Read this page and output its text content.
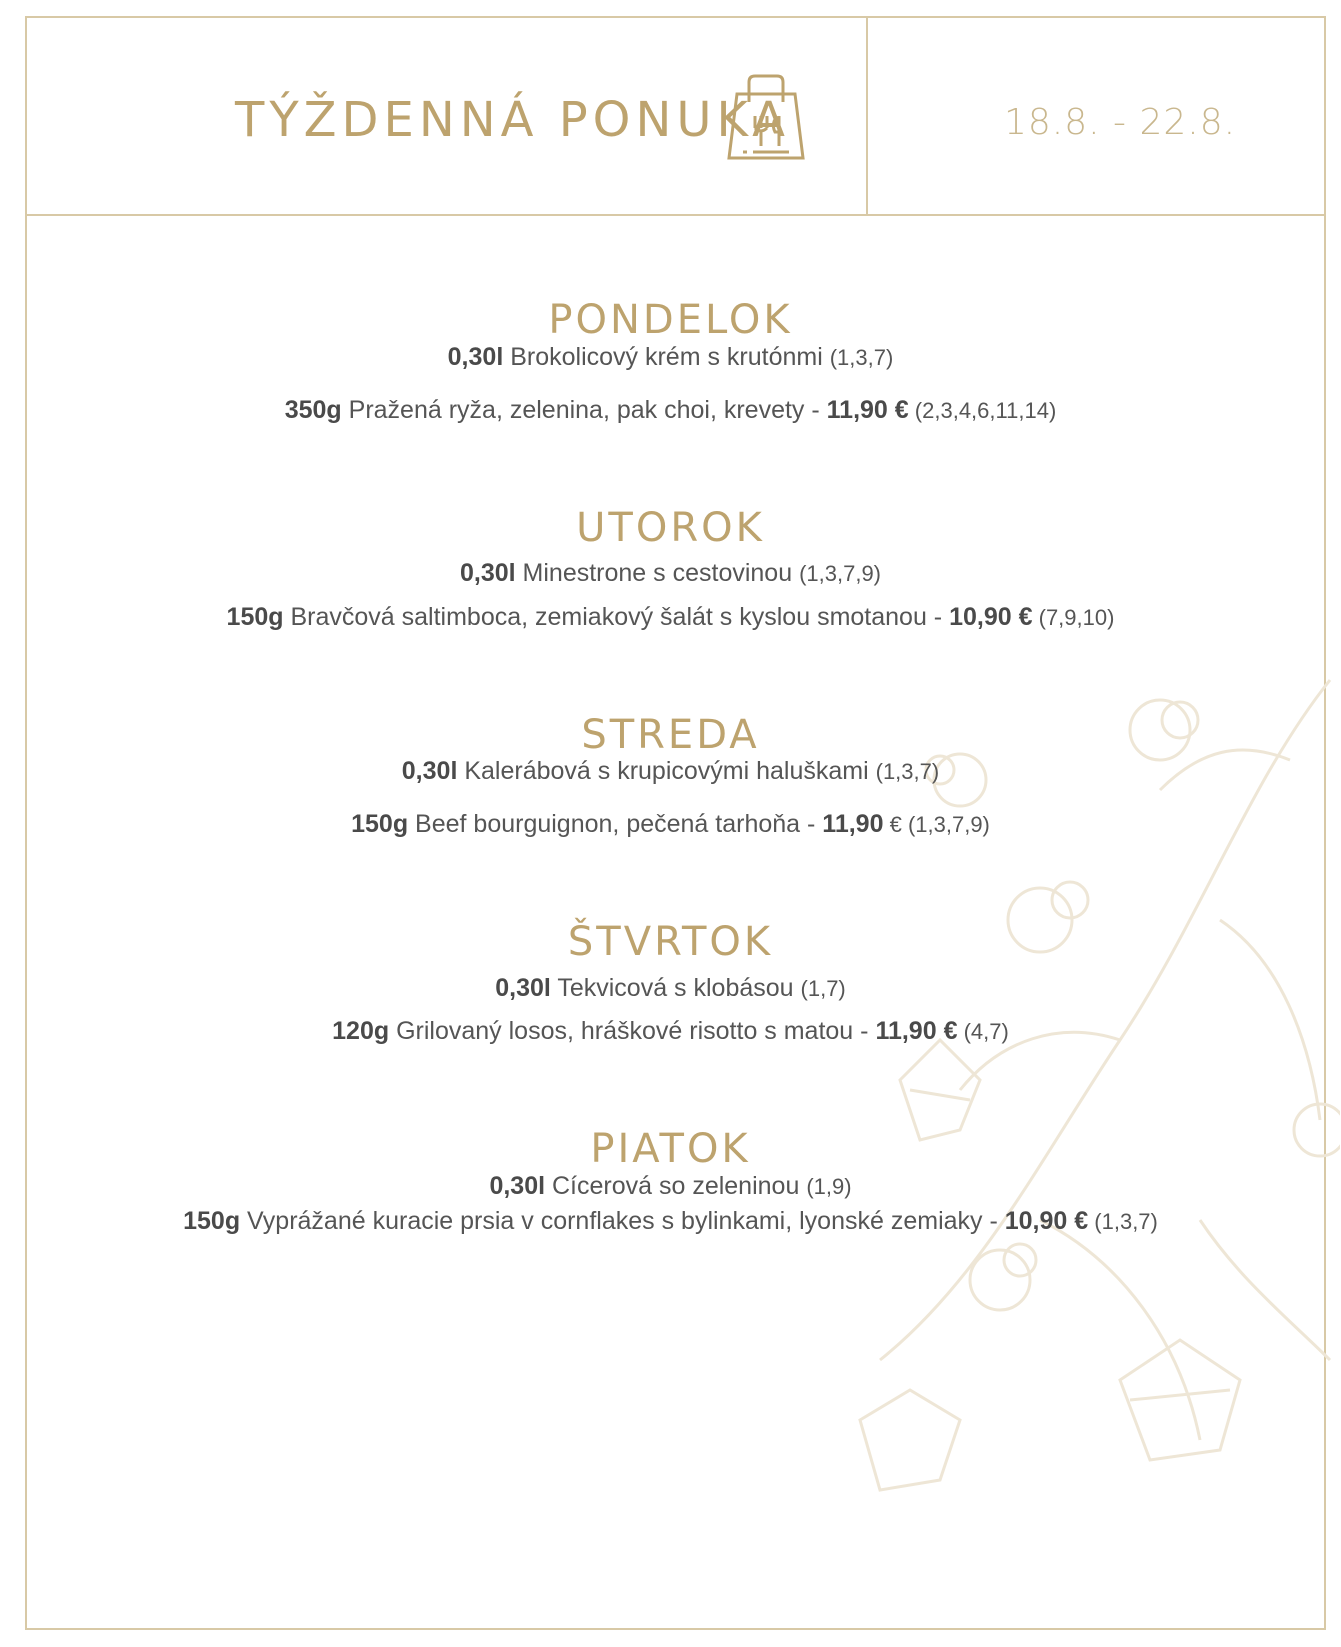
TÝŽDENNÁ PONUKA	18.8. - 22.8.
PONDELOK
0,30l Brokolicový krém s krutónmi (1,3,7)
350g Pražená ryža, zelenina, pak choi, krevety - 11,90 € (2,3,4,6,11,14)
UTOROK
0,30l Minestrone s cestovinou (1,3,7,9)
150g Bravčová saltimboca, zemiakový šalát s kyslou smotanou - 10,90 € (7,9,10)
STREDA
0,30l Kalerábová s krupicovými haluškami (1,3,7)
150g Beef bourguignon, pečená tarhoňa - 11,90 € (1,3,7,9)
ŠTVRTOK
0,30l Tekvicová s klobásou (1,7)
120g Grilovaný losos, hráškové risotto s matou - 11,90 € (4,7)
PIATOK
0,30l Cícerová so zeleninou (1,9)
150g Vyprážané kuracie prsia v cornflakes s bylinkami, lyonské zemiaky - 10,90 € (1,3,7)
